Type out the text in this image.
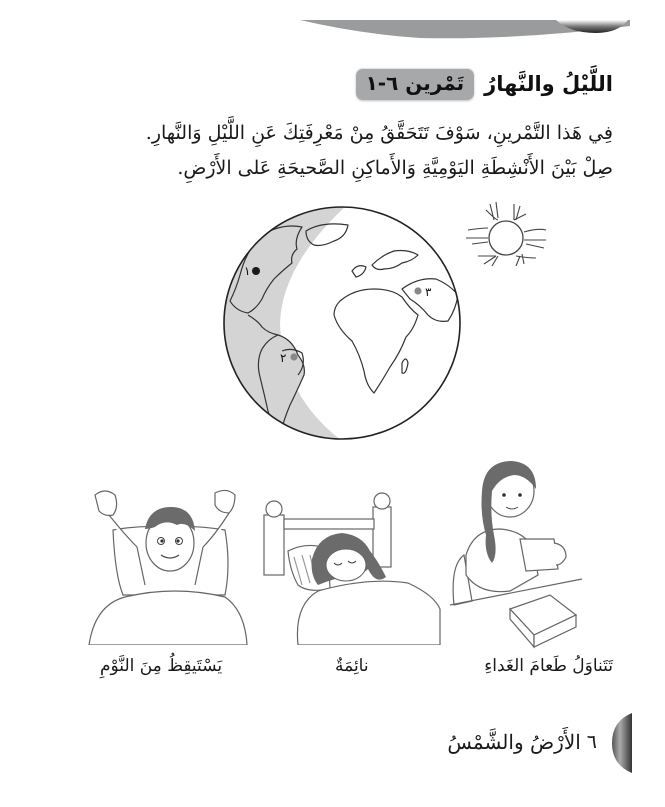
تَمْرين ٦-١ اللَّيْلُ والنَّهارُ

فِي هَذا التَّمْرينِ، سَوْفَ تَتَحَقَّقُ مِنْ مَعْرِفَتِكَ عَنِ اللَّيْلِ وَالنَّهارِ.

صِلْ بَيْنَ الأَنْشِطَةِ اليَوْمِيَّةِ وَالأَماكِنِ الصَّحيحَةِ عَلى الأَرْضِ.

١
٢
٣
تَتَناوَلُ طَعامَ الغَداءِ
نائِمَةٌ
يَسْتَيقِظُ مِنَ النَّوْمِ
٦
الأَرْضُ والشَّمْسُ
